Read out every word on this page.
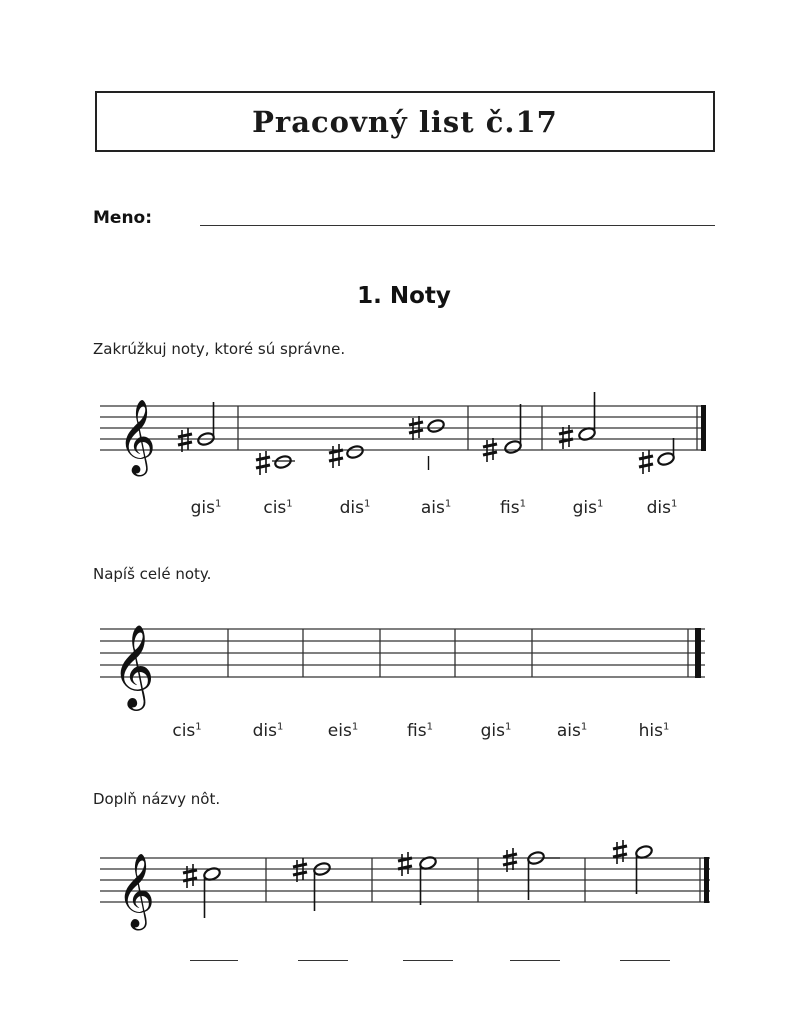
Pracovný list č.17
Meno:
1. Noty
Zakrúžkuj noty, ktoré sú správne.
𝄞
𝄞
𝄞
gis$^1$ cis$^1$	dis$^1$	ais$^1$	fis$^1$	gis$^1$	dis$^1$
Napíš celé noty.
cis$^1$	dis$^1$	eis$^1$	fis$^1$	gis$^1$	ais$^1$	his$^1$
Doplň názvy nôt.
